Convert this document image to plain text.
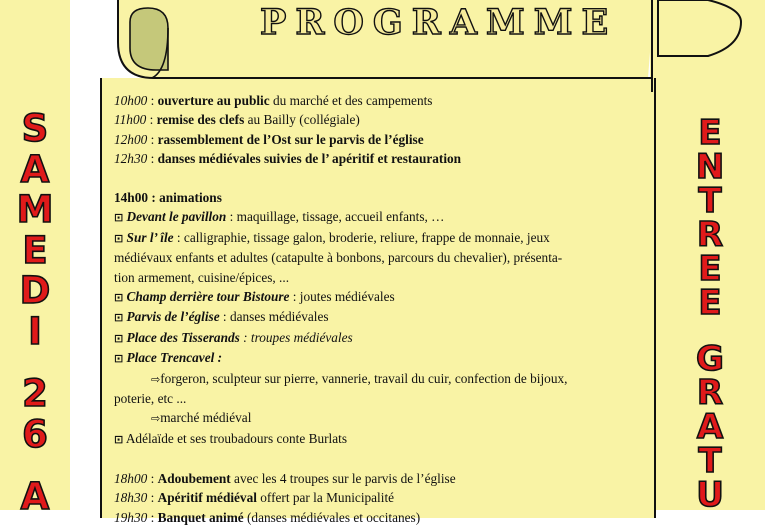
S
A
M
E
D
I

2
6

A
E
N
T
R
E
E

G
R
A
T
U
PROGRAMME
10h00 : ouverture au public du marché et des campements
11h00 : remise des clefs au Bailly (collégiale)
12h00 : rassemblement de l’Ost sur le parvis de l’église
12h30 : danses médiévales suivies de l’ apéritif et restauration
14h00 : animations
⊡ Devant le pavillon : maquillage, tissage, accueil enfants, …
⊡ Sur l’ île : calligraphie, tissage galon, broderie, reliure, frappe de monnaie, jeux
médiévaux enfants et adultes (catapulte à bonbons, parcours du chevalier), présenta-
tion armement, cuisine/épices, ...
⊡ Champ derrière tour Bistoure : joutes médiévales
⊡ Parvis de l’église : danses médiévales
⊡ Place des Tisserands : troupes médiévales
⊡ Place Trencavel :
⇨forgeron, sculpteur sur pierre, vannerie, travail du cuir, confection de bijoux,
poterie, etc ...
⇨marché médiéval
⊡ Adélaïde et ses troubadours conte Burlats
18h00 : Adoubement avec les 4 troupes sur le parvis de l’église
18h30 : Apéritif médiéval offert par la Municipalité
19h30 : Banquet animé (danses médiévales et occitanes)
